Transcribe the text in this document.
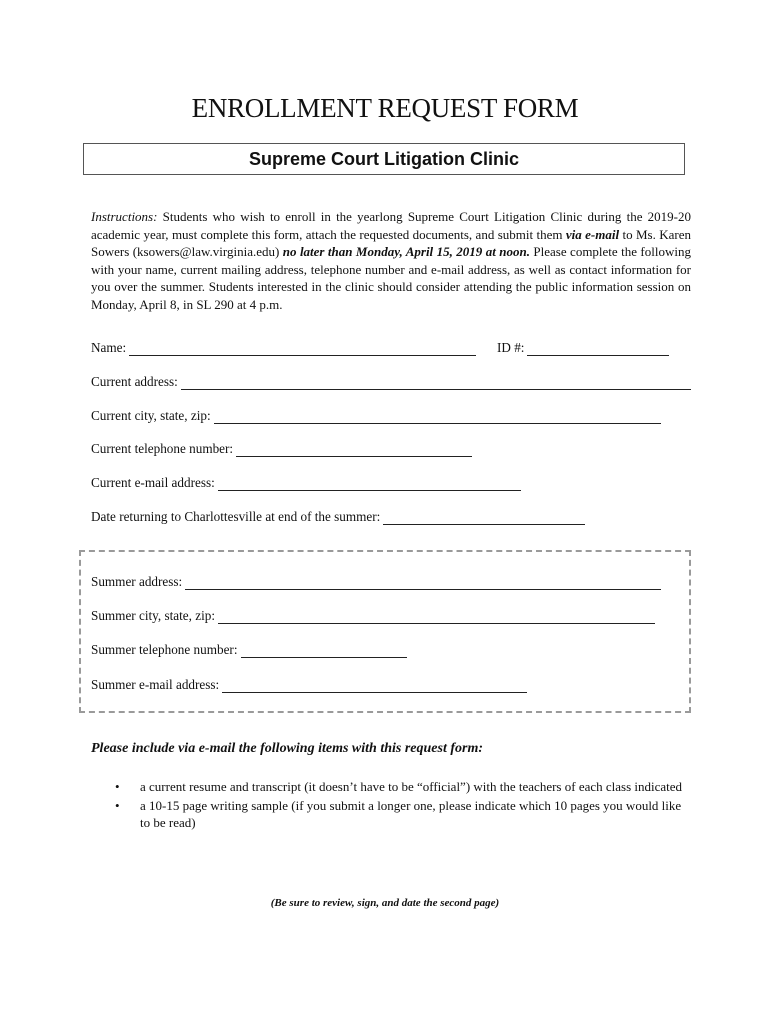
ENROLLMENT REQUEST FORM
Supreme Court Litigation Clinic
Instructions: Students who wish to enroll in the yearlong Supreme Court Litigation Clinic during the 2019-20 academic year, must complete this form, attach the requested documents, and submit them via e-mail to Ms. Karen Sowers (ksowers@law.virginia.edu) no later than Monday, April 15, 2019 at noon. Please complete the following with your name, current mailing address, telephone number and e-mail address, as well as contact information for you over the summer. Students interested in the clinic should consider attending the public information session on Monday, April 8, in SL 290 at 4 p.m.
Name:	ID #:
Current address:
Current city, state, zip:
Current telephone number:
Current e-mail address:
Date returning to Charlottesville at end of the summer:
Summer address:
Summer city, state, zip:
Summer telephone number:
Summer e-mail address:
Please include via e-mail the following items with this request form:
• a current resume and transcript (it doesn’t have to be “official”) with the teachers of each class indicated
• a 10-15 page writing sample (if you submit a longer one, please indicate which 10 pages you would like to be read)
(Be sure to review, sign, and date the second page)
